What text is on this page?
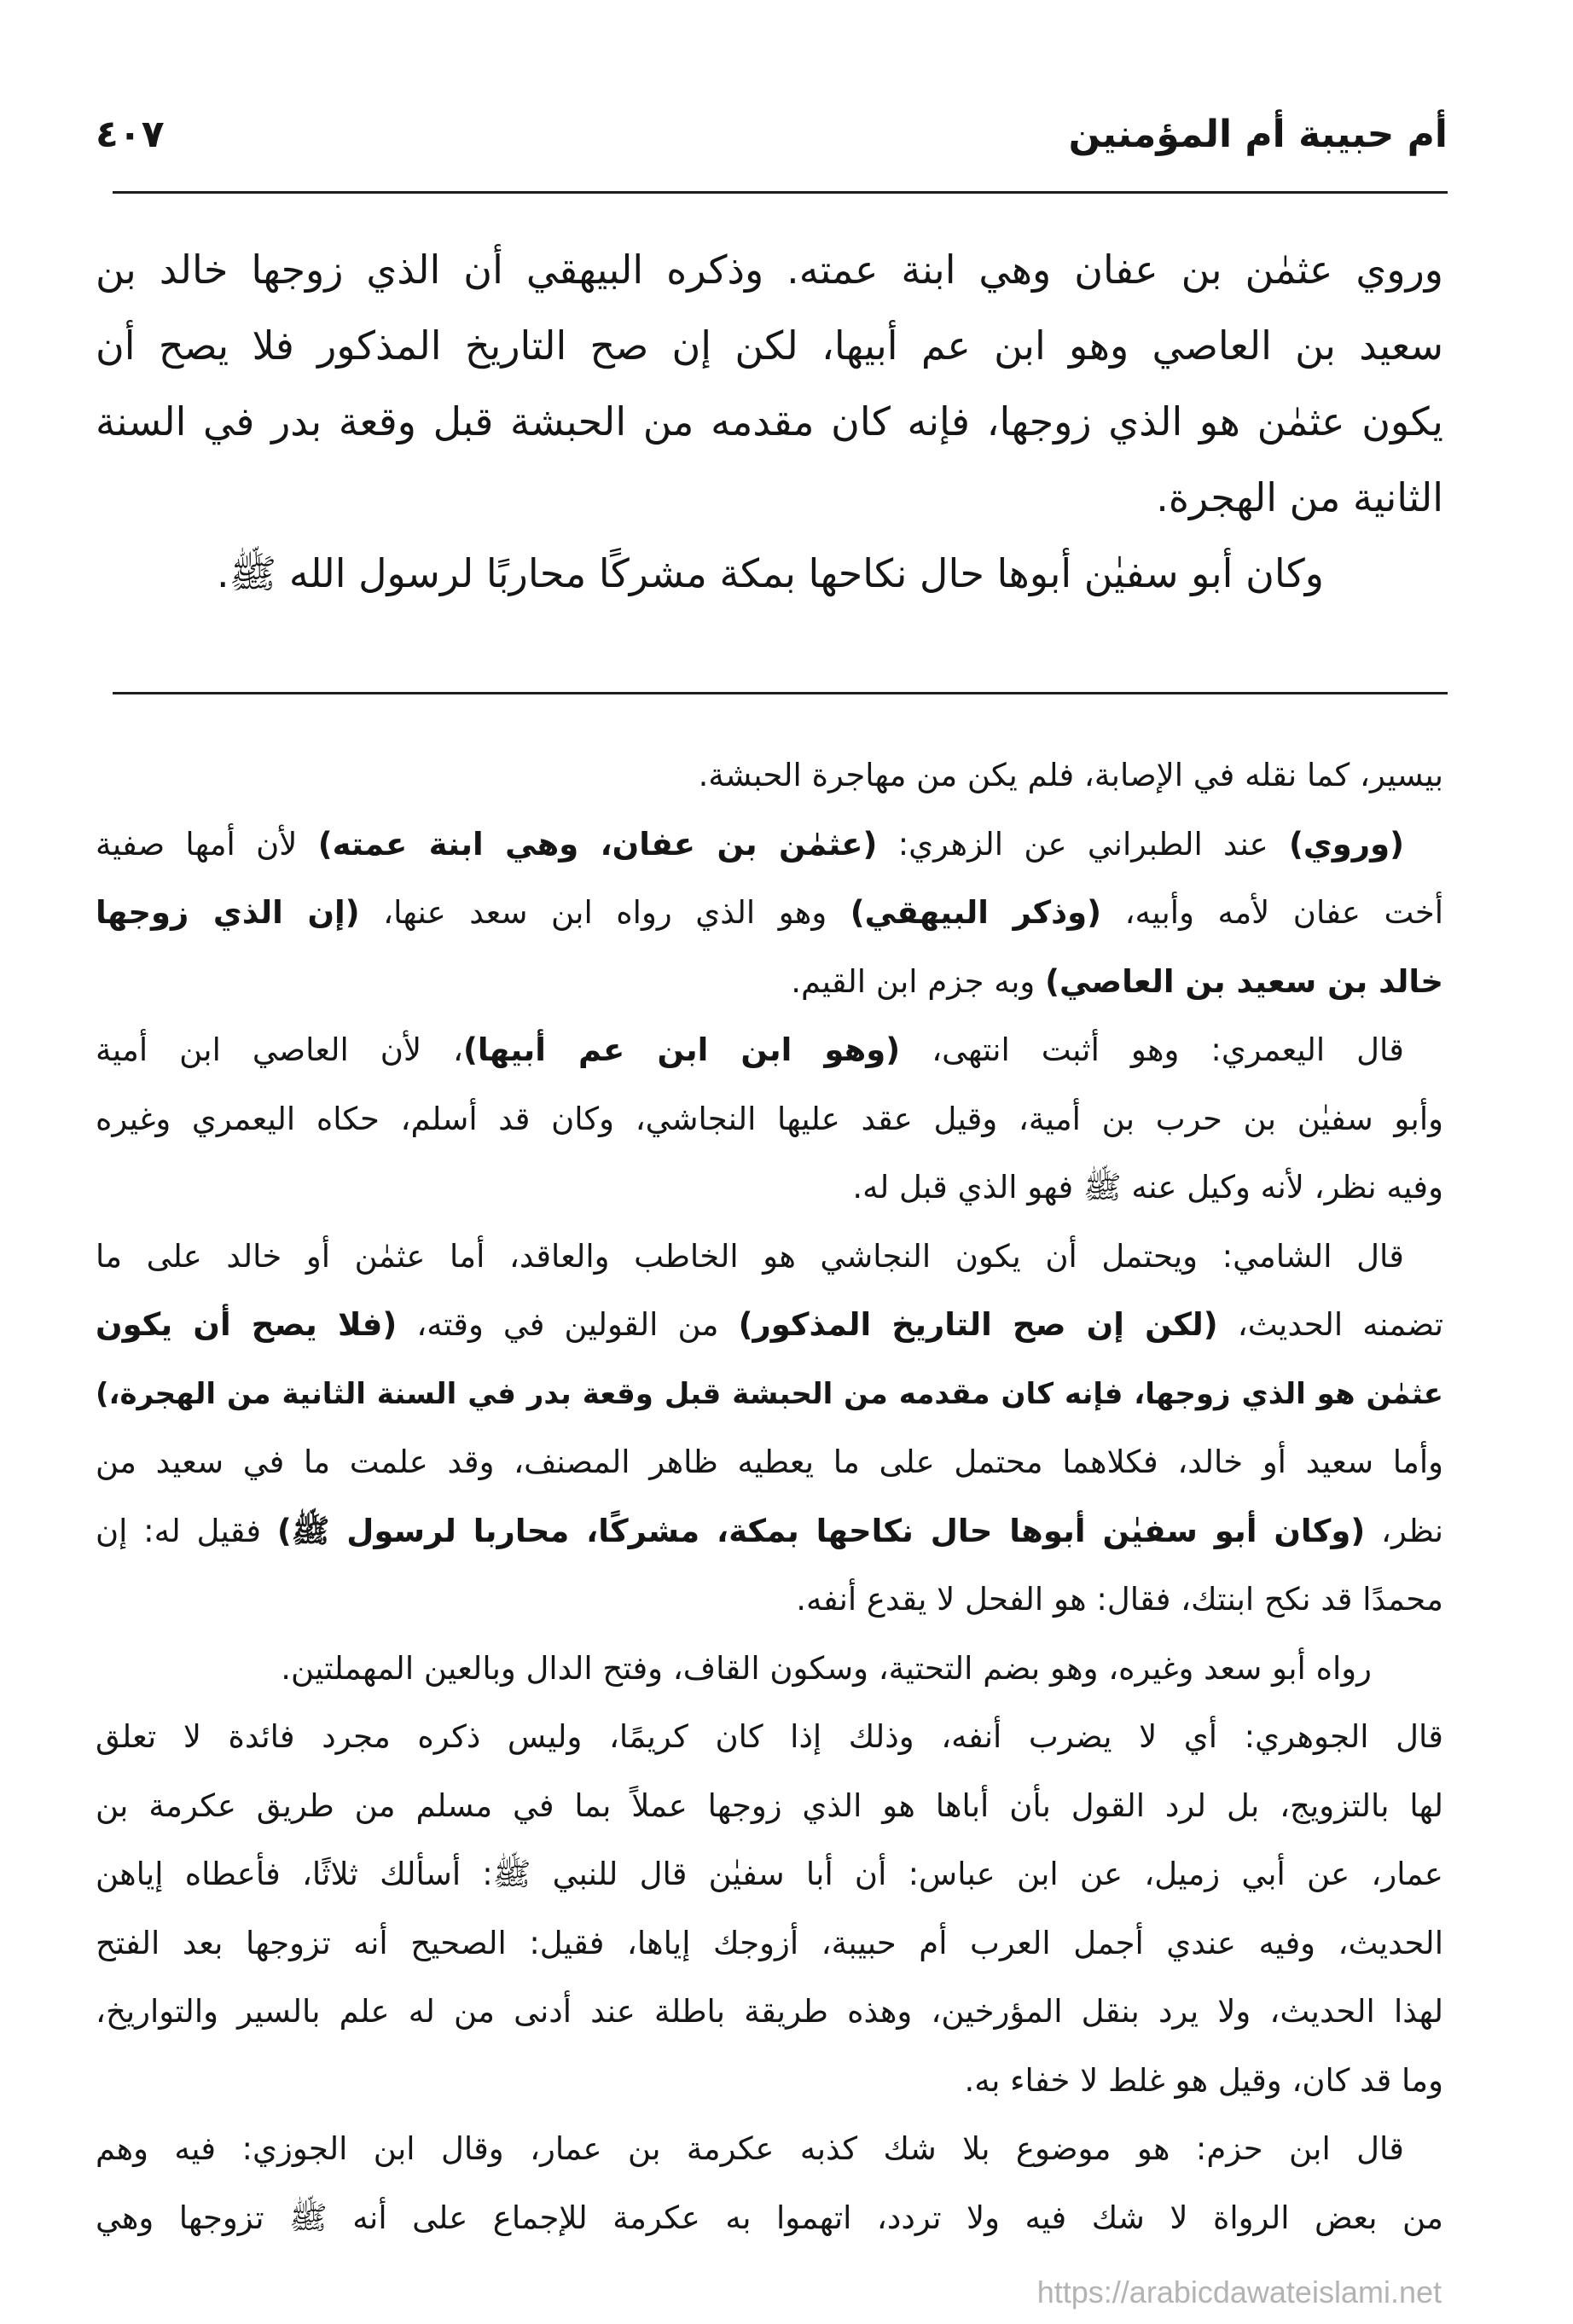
أم حبيبة أم المؤمنين
٤٠٧
وروي عثمٰن بن عفان وهي ابنة عمته. وذكره البيهقي أن الذي زوجها خالد بن
سعيد بن العاصي وهو ابن عم أبيها، لكن إن صح التاريخ المذكور فلا يصح أن
يكون عثمٰن هو الذي زوجها، فإنه كان مقدمه من الحبشة قبل وقعة بدر في السنة
الثانية من الهجرة.
وكان أبو سفيٰن أبوها حال نكاحها بمكة مشركًا محاربًا لرسول الله ﷺ.
بيسير، كما نقله في الإصابة، فلم يكن من مهاجرة الحبشة.
(وروي) عند الطبراني عن الزهري: (عثمٰن بن عفان، وهي ابنة عمته) لأن أمها صفية
أخت عفان لأمه وأبيه، (وذكر البيهقي) وهو الذي رواه ابن سعد عنها، (إن الذي زوجها
خالد بن سعيد بن العاصي) وبه جزم ابن القيم.
قال اليعمري: وهو أثبت انتهى، (وهو ابن ابن عم أبيها)، لأن العاصي ابن أمية
وأبو سفيٰن بن حرب بن أمية، وقيل عقد عليها النجاشي، وكان قد أسلم، حكاه اليعمري وغيره
وفيه نظر، لأنه وكيل عنه ﷺ فهو الذي قبل له.
قال الشامي: ويحتمل أن يكون النجاشي هو الخاطب والعاقد، أما عثمٰن أو خالد على ما
تضمنه الحديث، (لكن إن صح التاريخ المذكور) من القولين في وقته، (فلا يصح أن يكون
عثمٰن هو الذي زوجها، فإنه كان مقدمه من الحبشة قبل وقعة بدر في السنة الثانية من الهجرة،)
وأما سعيد أو خالد، فكلاهما محتمل على ما يعطيه ظاهر المصنف، وقد علمت ما في سعيد من
نظر، (وكان أبو سفيٰن أبوها حال نكاحها بمكة، مشركًا، محاربا لرسول ﷺ) فقيل له: إن
محمدًا قد نكح ابنتك، فقال: هو الفحل لا يقدع أنفه.
رواه أبو سعد وغيره، وهو بضم التحتية، وسكون القاف، وفتح الدال وبالعين المهملتين.
قال الجوهري: أي لا يضرب أنفه، وذلك إذا كان كريمًا، وليس ذكره مجرد فائدة لا تعلق
لها بالتزويج، بل لرد القول بأن أباها هو الذي زوجها عملاً بما في مسلم من طريق عكرمة بن
عمار، عن أبي زميل، عن ابن عباس: أن أبا سفيٰن قال للنبي ﷺ: أسألك ثلاثًا، فأعطاه إياهن
الحديث، وفيه عندي أجمل العرب أم حبيبة، أزوجك إياها، فقيل: الصحيح أنه تزوجها بعد الفتح
لهذا الحديث، ولا يرد بنقل المؤرخين، وهذه طريقة باطلة عند أدنى من له علم بالسير والتواريخ،
وما قد كان، وقيل هو غلط لا خفاء به.
قال ابن حزم: هو موضوع بلا شك كذبه عكرمة بن عمار، وقال ابن الجوزي: فيه وهم
من بعض الرواة لا شك فيه ولا تردد، اتهموا به عكرمة للإجماع على أنه ﷺ تزوجها وهي
https://arabicdawateislami.net
